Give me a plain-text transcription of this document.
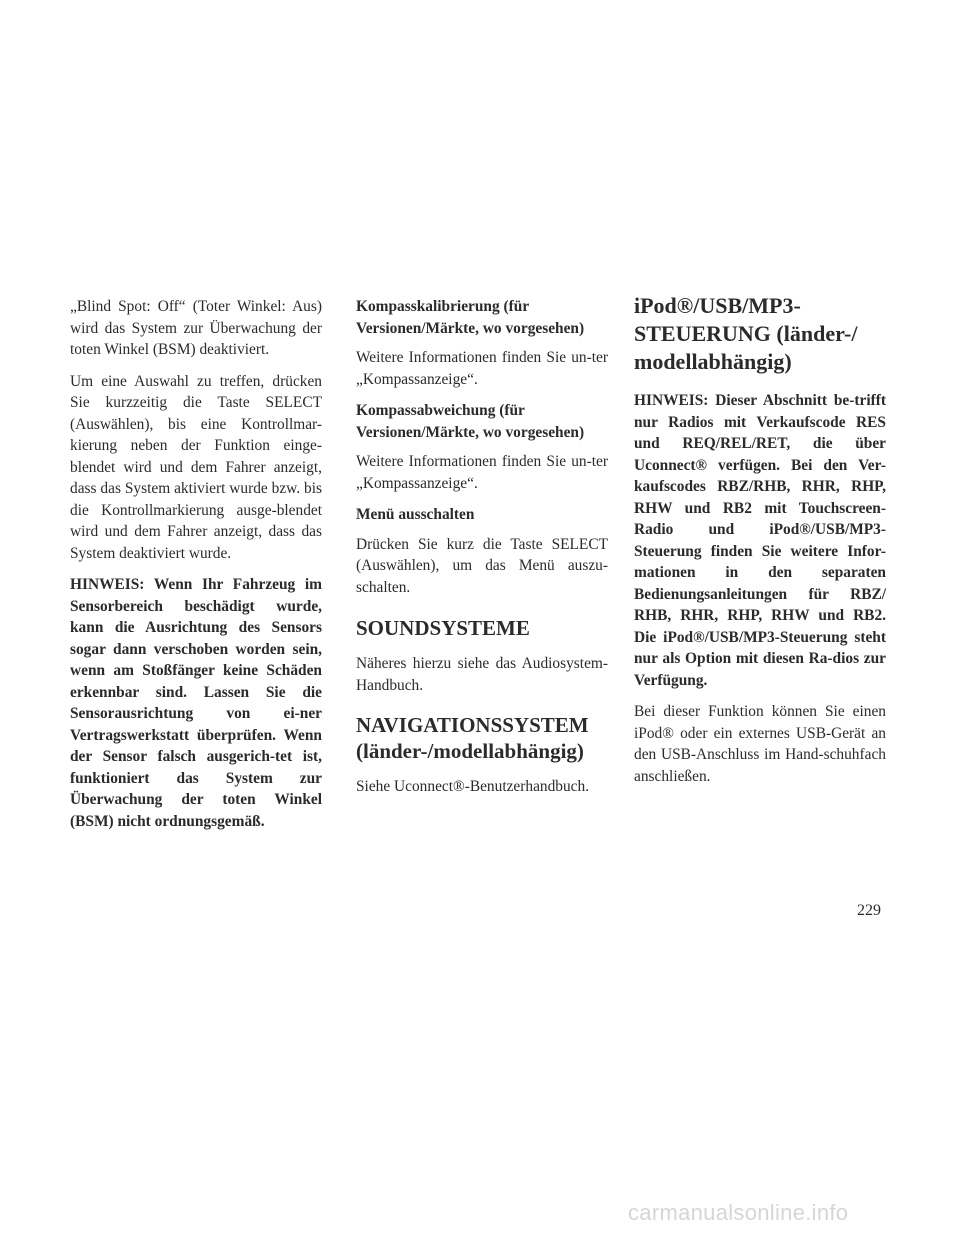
„Blind Spot: Off“ (Toter Winkel: Aus) wird das System zur Überwachung der toten Winkel (BSM) deaktiviert.

Um eine Auswahl zu treffen, drücken Sie kurzzeitig die Taste SELECT (Auswählen), bis eine Kontrollmar-kierung neben der Funktion einge-blendet wird und dem Fahrer anzeigt, dass das System aktiviert wurde bzw. bis die Kontrollmarkierung ausge-blendet wird und dem Fahrer anzeigt, dass das System deaktiviert wurde.

HINWEIS: Wenn Ihr Fahrzeug im Sensorbereich beschädigt wurde, kann die Ausrichtung des Sensors sogar dann verschoben worden sein, wenn am Stoßfänger keine Schäden erkennbar sind. Lassen Sie die Sensorausrichtung von ei-ner Vertragswerkstatt überprüfen. Wenn der Sensor falsch ausgerich-tet ist, funktioniert das System zur Überwachung der toten Winkel (BSM) nicht ordnungsgemäß.

Kompasskalibrierung (für
Versionen/Märkte, wo vorgesehen)

Weitere Informationen finden Sie un-ter „Kompassanzeige“.

Kompassabweichung (für
Versionen/Märkte, wo vorgesehen)

Weitere Informationen finden Sie un-ter „Kompassanzeige“.

Menü ausschalten

Drücken Sie kurz die Taste SELECT (Auswählen), um das Menü auszu-schalten.

SOUNDSYSTEME

Näheres hierzu siehe das Audiosystem-Handbuch.

NAVIGATIONSSYSTEM
(länder-/modellabhängig)

Siehe Uconnect®-Benutzerhandbuch.

iPod®/USB/MP3-
STEUERUNG (länder-/
modellabhängig)

HINWEIS: Dieser Abschnitt be-trifft nur Radios mit Verkaufscode RES und REQ/REL/RET, die über Uconnect® verfügen. Bei den Ver-kaufscodes RBZ/RHB, RHR, RHP, RHW und RB2 mit Touchscreen-Radio und iPod®/USB/MP3-Steuerung finden Sie weitere Infor-mationen in den separaten Bedienungsanleitungen für RBZ/ RHB, RHR, RHP, RHW und RB2. Die iPod®/USB/MP3-Steuerung steht nur als Option mit diesen Ra-dios zur Verfügung.

Bei dieser Funktion können Sie einen iPod® oder ein externes USB-Gerät an den USB-Anschluss im Hand-schuhfach anschließen.

229
carmanualsonline.info
